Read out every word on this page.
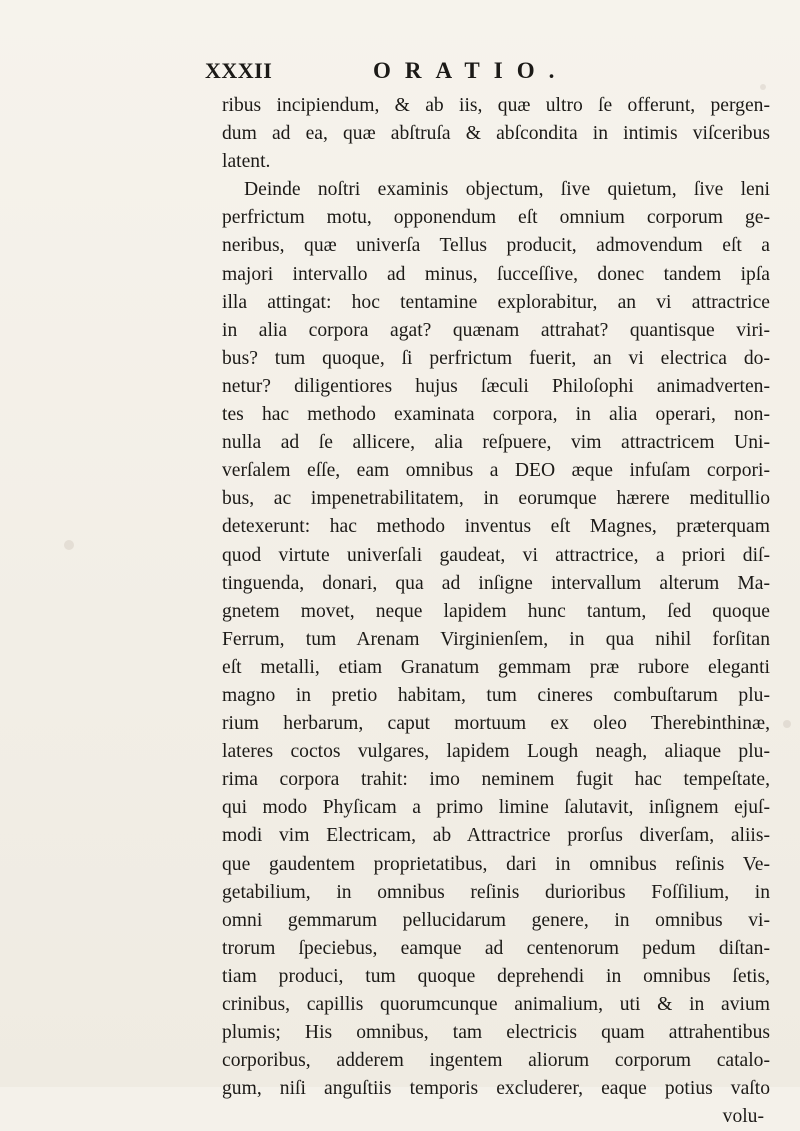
XXXII	ORATIO.
ribus incipiendum, & ab iis, quæ ultro ſe offerunt, pergen-
dum ad ea, quæ abſtruſa & abſcondita in intimis viſceribus
latent.
Deinde noſtri examinis objectum, ſive quietum, ſive leni
perfrictum motu, opponendum eſt omnium corporum ge-
neribus, quæ univerſa Tellus producit, admovendum eſt a
majori intervallo ad minus, ſucceſſive, donec tandem ipſa
illa attingat: hoc tentamine explorabitur, an vi attractrice
in alia corpora agat? quænam attrahat? quantisque viri-
bus? tum quoque, ſi perfrictum fuerit, an vi electrica do-
netur? diligentiores hujus ſæculi Philoſophi animadverten-
tes hac methodo examinata corpora, in alia operari, non-
nulla ad ſe allicere, alia reſpuere, vim attractricem Uni-
verſalem eſſe, eam omnibus a DEO æque infuſam corpori-
bus, ac impenetrabilitatem, in eorumque hærere meditullio
detexerunt: hac methodo inventus eſt Magnes, præterquam
quod virtute univerſali gaudeat, vi attractrice, a priori diſ-
tinguenda, donari, qua ad inſigne intervallum alterum Ma-
gnetem movet, neque lapidem hunc tantum, ſed quoque
Ferrum, tum Arenam Virginienſem, in qua nihil forſitan
eſt metalli, etiam Granatum gemmam præ rubore eleganti
magno in pretio habitam, tum cineres combuſtarum plu-
rium herbarum, caput mortuum ex oleo Therebinthinæ,
lateres coctos vulgares, lapidem Lough neagh, aliaque plu-
rima corpora trahit: imo neminem fugit hac tempeſtate,
qui modo Phyſicam a primo limine ſalutavit, inſignem ejuſ-
modi vim Electricam, ab Attractrice prorſus diverſam, aliis-
que gaudentem proprietatibus, dari in omnibus reſinis Ve-
getabilium, in omnibus reſinis durioribus Foſſilium, in
omni gemmarum pellucidarum genere, in omnibus vi-
trorum ſpeciebus, eamque ad centenorum pedum diſtan-
tiam produci, tum quoque deprehendi in omnibus ſetis,
crinibus, capillis quorumcunque animalium, uti & in avium
plumis; His omnibus, tam electricis quam attrahentibus
corporibus, adderem ingentem aliorum corporum catalo-
gum, niſi anguſtiis temporis excluderer, eaque potius vaſto
volu-
